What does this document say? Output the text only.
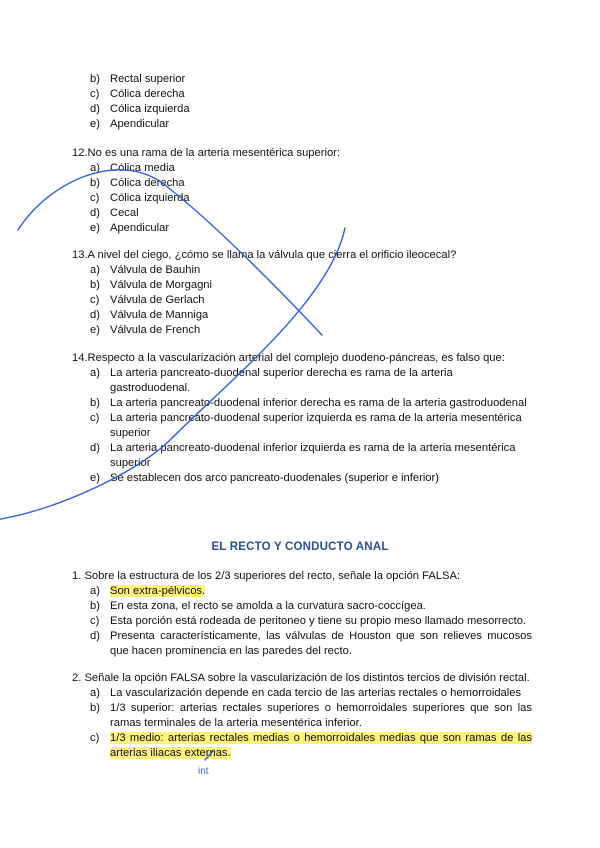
b) Rectal superior
c) Cólica derecha
d) Cólica izquierda
e) Apendicular

12.No es una rama de la arteria mesentérica superior:

a) Cólica media
b) Cólica derecha
c) Cólica izquierda
d) Cecal
e) Apendicular

13.A nivel del ciego, ¿cómo se llama la válvula que cierra el orificio ileocecal?

a) Válvula de Bauhin
b) Válvula de Morgagni
c) Válvula de Gerlach
d) Válvula de Manniga
e) Válvula de French

14.Respecto a la vascularización arterial del complejo duodeno-páncreas, es falso que:

a) La arteria pancreato-duodenal superior derecha es rama de la arteria gastroduodenal.
b) La arteria pancreato-duodenal inferior derecha es rama de la arteria gastroduodenal
c) La arteria pancreato-duodenal superior izquierda es rama de la arteria mesentérica superior
d) La arteria pancreato-duodenal inferior izquierda es rama de la arteria mesentérica superior
e) Se establecen dos arco pancreato-duodenales (superior e inferior)
EL RECTO Y CONDUCTO ANAL

1. Sobre la estructura de los 2/3 superiores del recto, señale la opción FALSA:

a) Son extra-pélvicos.
b) En esta zona, el recto se amolda a la curvatura sacro-coccígea.
c) Esta porción está rodeada de peritoneo y tiene su propio meso llamado mesorrecto.
d) Presenta característicamente, las válvulas de Houston que son relieves mucosos que hacen prominencia en las paredes del recto.

2. Señale la opción FALSA sobre la vascularización de los distintos tercios de división rectal.

a) La vascularización depende en cada tercio de las arterias rectales o hemorroidales
b) 1/3 superior: arterias rectales superiores o hemorroidales superiores que son las ramas terminales de la arteria mesentérica inferior.
c) 1/3 medio: arterias rectales medias o hemorroidales medias que son ramas de las arterias iliacas externas.
int
